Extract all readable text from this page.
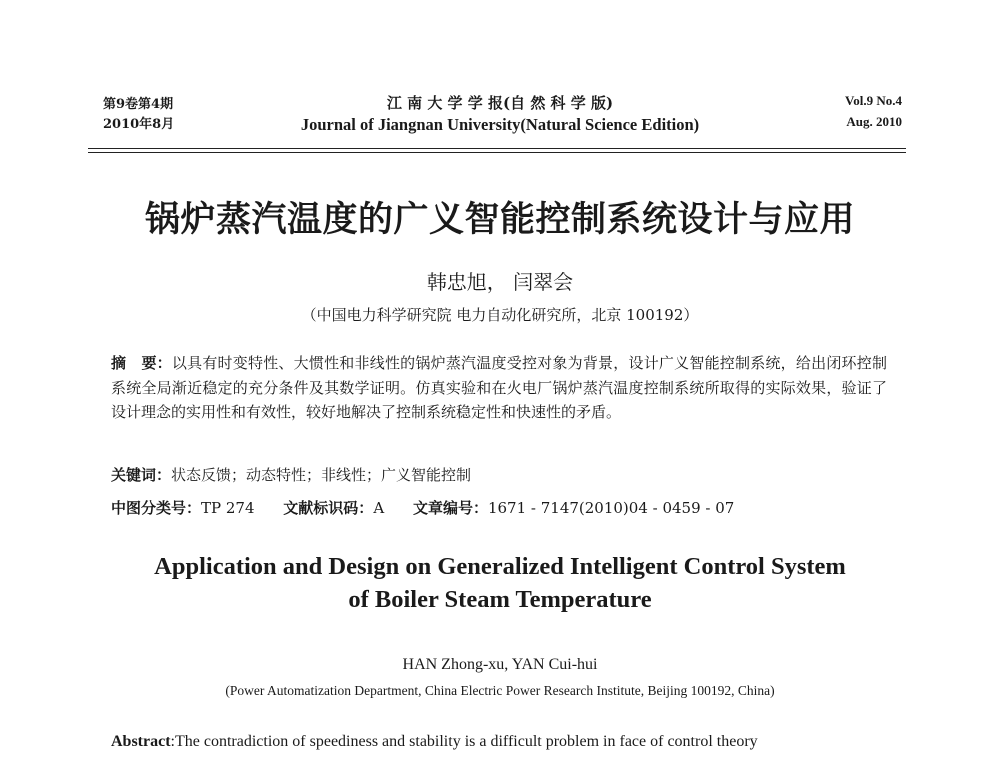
第9卷第4期
2010年8月
江 南 大 学 学 报(自 然 科 学 版)
Journal of Jiangnan University(Natural Science Edition)
Vol.9 No.4
Aug. 2010
锅炉蒸汽温度的广义智能控制系统设计与应用
韩忠旭， 闫翠会
（中国电力科学研究院 电力自动化研究所，北京 100192）
摘　要：以具有时变特性、大惯性和非线性的锅炉蒸汽温度受控对象为背景，设计广义智能控制系统，给出闭环控制系统全局渐近稳定的充分条件及其数学证明。仿真实验和在火电厂锅炉蒸汽温度控制系统所取得的实际效果，验证了设计理念的实用性和有效性，较好地解决了控制系统稳定性和快速性的矛盾。
关键词：状态反馈；动态特性；非线性；广义智能控制
中图分类号：TP 274 文献标识码：A 文章编号：1671 - 7147(2010)04 - 0459 - 07
Application and Design on Generalized Intelligent Control System
of Boiler Steam Temperature
HAN Zhong-xu, YAN Cui-hui
(Power Automatization Department, China Electric Power Research Institute, Beijing 100192, China)
Abstract:The contradiction of speediness and stability is a difficult problem in face of control theory
